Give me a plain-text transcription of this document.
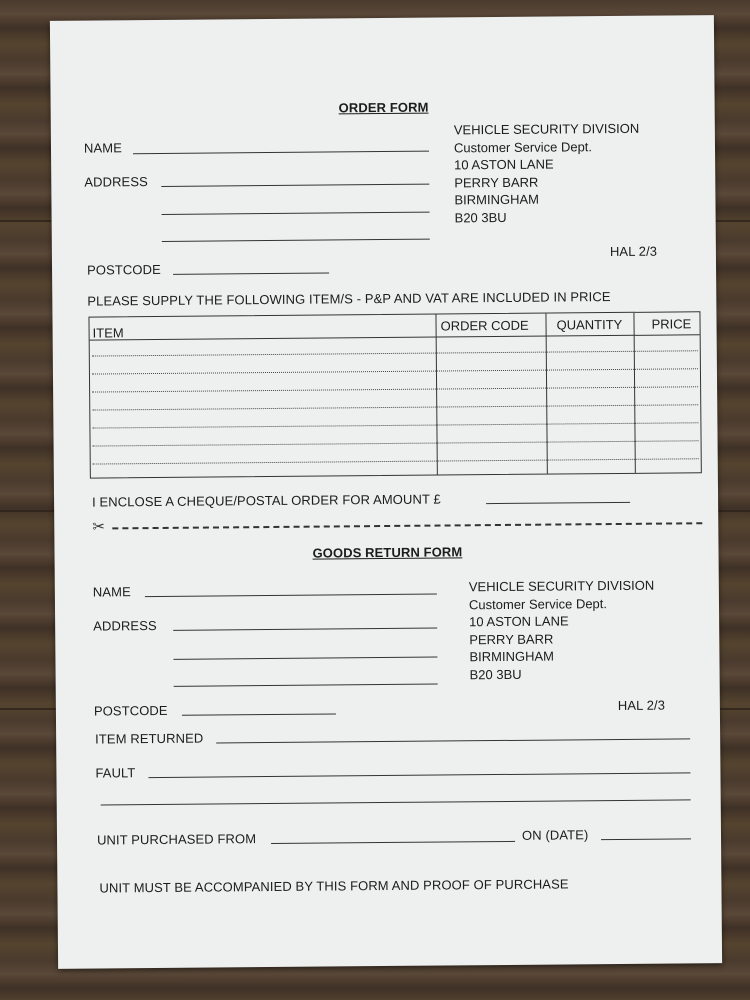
ORDER FORM
NAME
ADDRESS
VEHICLE SECURITY DIVISION
Customer Service Dept.
10 ASTON LANE
PERRY BARR
BIRMINGHAM
B20 3BU
HAL 2/3
POSTCODE
PLEASE SUPPLY THE FOLLOWING ITEM/S - P&P AND VAT ARE INCLUDED IN PRICE
ITEM	ORDER CODE QUANTITY PRICE
I ENCLOSE A CHEQUE/POSTAL ORDER FOR AMOUNT £
✂
GOODS RETURN FORM
NAME
ADDRESS
VEHICLE SECURITY DIVISION
Customer Service Dept.
10 ASTON LANE
PERRY BARR
BIRMINGHAM
B20 3BU
POSTCODE	HAL 2/3
ITEM RETURNED
FAULT
UNIT PURCHASED FROM	ON (DATE)
UNIT MUST BE ACCOMPANIED BY THIS FORM AND PROOF OF PURCHASE
